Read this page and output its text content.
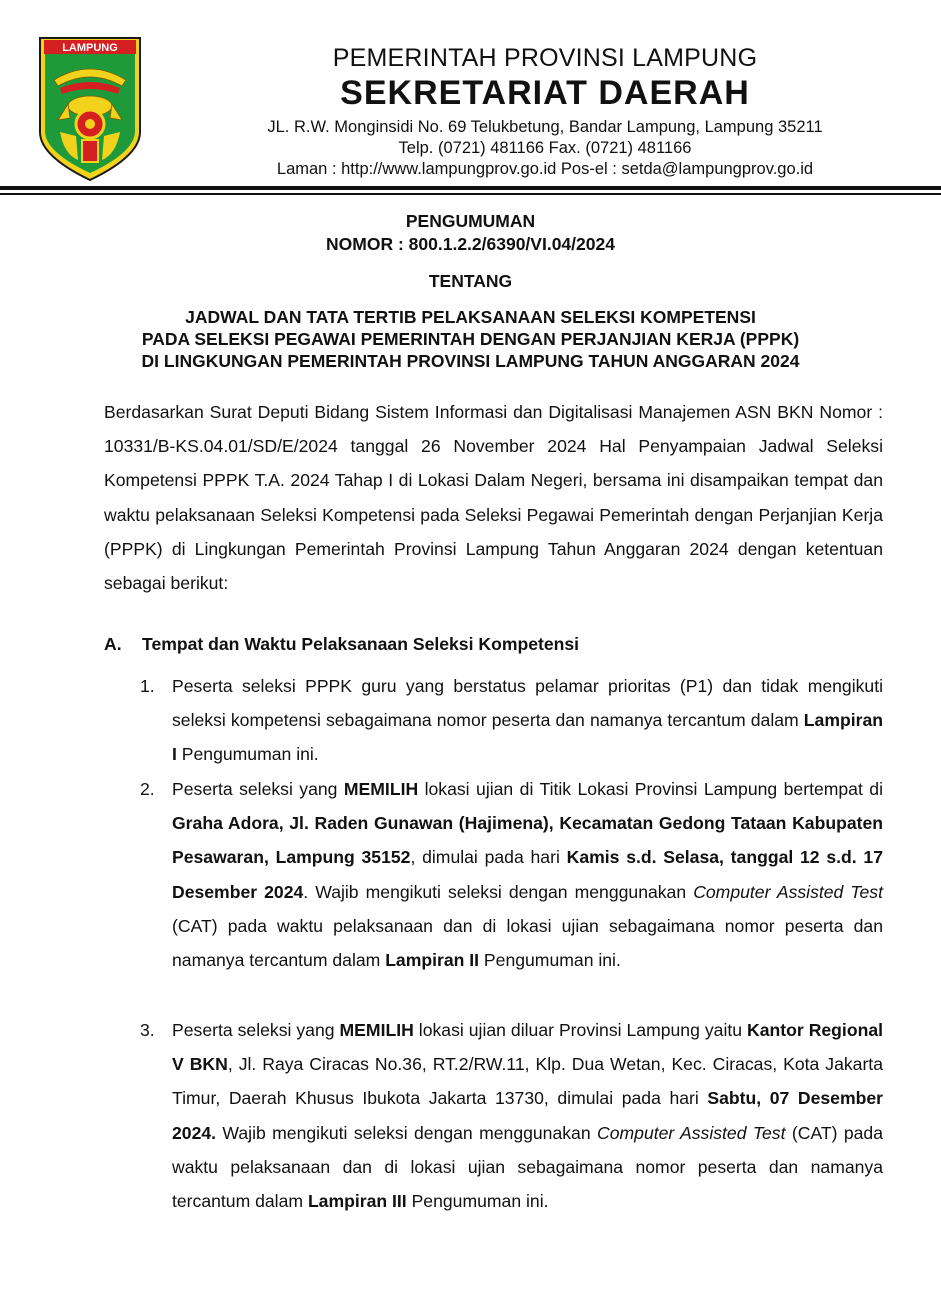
LAMPUNG	PEMERINTAH PROVINSI LAMPUNG
SEKRETARIAT DAERAH
JL. R.W. Monginsidi No. 69 Telukbetung, Bandar Lampung, Lampung 35211
Telp. (0721) 481166 Fax. (0721) 481166
Laman : http://www.lampungprov.go.id Pos-el : setda@lampungprov.go.id
PENGUMUMAN
NOMOR : 800.1.2.2/6390/VI.04/2024
TENTANG
JADWAL DAN TATA TERTIB PELAKSANAAN SELEKSI KOMPETENSI
PADA SELEKSI PEGAWAI PEMERINTAH DENGAN PERJANJIAN KERJA (PPPK)
DI LINGKUNGAN PEMERINTAH PROVINSI LAMPUNG TAHUN ANGGARAN 2024
Berdasarkan Surat Deputi Bidang Sistem Informasi dan Digitalisasi Manajemen ASN BKN Nomor : 10331/B-KS.04.01/SD/E/2024 tanggal 26 November 2024 Hal Penyampaian Jadwal Seleksi Kompetensi PPPK T.A. 2024 Tahap I di Lokasi Dalam Negeri, bersama ini disampaikan tempat dan waktu pelaksanaan Seleksi Kompetensi pada Seleksi Pegawai Pemerintah dengan Perjanjian Kerja (PPPK) di Lingkungan Pemerintah Provinsi Lampung Tahun Anggaran 2024 dengan ketentuan sebagai berikut:
A. Tempat dan Waktu Pelaksanaan Seleksi Kompetensi
1. Peserta seleksi PPPK guru yang berstatus pelamar prioritas (P1) dan tidak mengikuti seleksi kompetensi sebagaimana nomor peserta dan namanya tercantum dalam Lampiran I Pengumuman ini.
2. Peserta seleksi yang MEMILIH lokasi ujian di Titik Lokasi Provinsi Lampung bertempat di Graha Adora, Jl. Raden Gunawan (Hajimena), Kecamatan Gedong Tataan Kabupaten Pesawaran, Lampung 35152, dimulai pada hari Kamis s.d. Selasa, tanggal 12 s.d. 17 Desember 2024. Wajib mengikuti seleksi dengan menggunakan Computer Assisted Test (CAT) pada waktu pelaksanaan dan di lokasi ujian sebagaimana nomor peserta dan namanya tercantum dalam Lampiran II Pengumuman ini.
3. Peserta seleksi yang MEMILIH lokasi ujian diluar Provinsi Lampung yaitu Kantor Regional V BKN, Jl. Raya Ciracas No.36, RT.2/RW.11, Klp. Dua Wetan, Kec. Ciracas, Kota Jakarta Timur, Daerah Khusus Ibukota Jakarta 13730, dimulai pada hari Sabtu, 07 Desember 2024. Wajib mengikuti seleksi dengan menggunakan Computer Assisted Test (CAT) pada waktu pelaksanaan dan di lokasi ujian sebagaimana nomor peserta dan namanya tercantum dalam Lampiran III Pengumuman ini.
